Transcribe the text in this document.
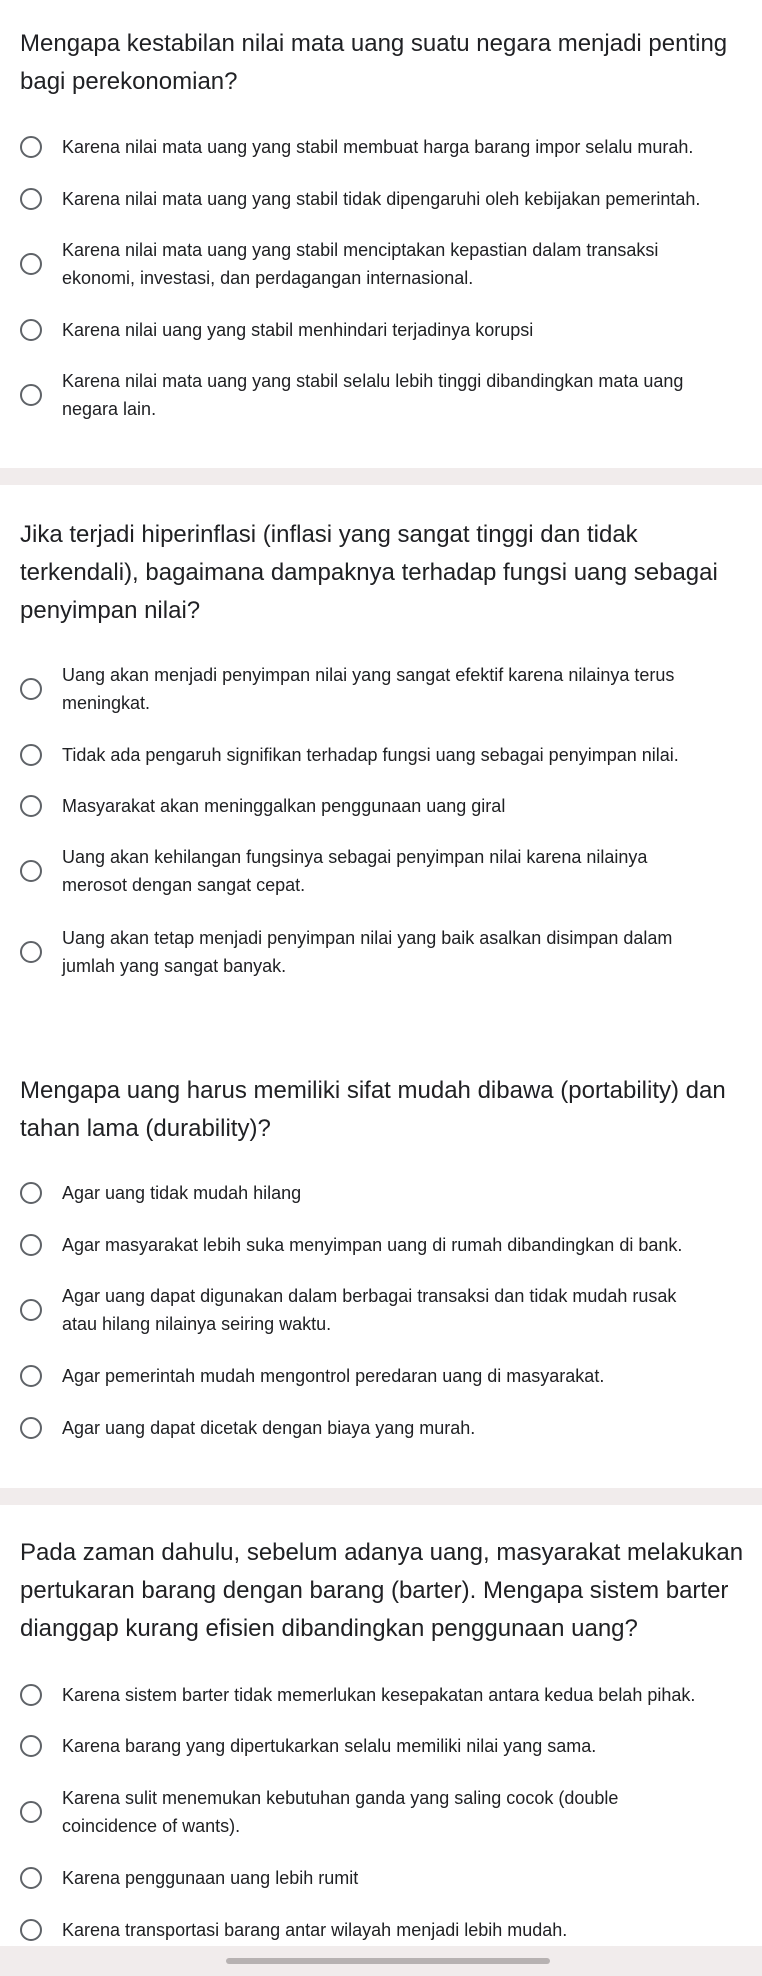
Mengapa kestabilan nilai mata uang suatu negara menjadi penting
bagi perekonomian?
Karena nilai mata uang yang stabil membuat harga barang impor selalu murah.
Karena nilai mata uang yang stabil tidak dipengaruhi oleh kebijakan pemerintah.
Karena nilai mata uang yang stabil menciptakan kepastian dalam transaksi
ekonomi, investasi, dan perdagangan internasional.
Karena nilai uang yang stabil menhindari terjadinya korupsi
Karena nilai mata uang yang stabil selalu lebih tinggi dibandingkan mata uang
negara lain.
Jika terjadi hiperinflasi (inflasi yang sangat tinggi dan tidak
terkendali), bagaimana dampaknya terhadap fungsi uang sebagai
penyimpan nilai?
Uang akan menjadi penyimpan nilai yang sangat efektif karena nilainya terus
meningkat.
Tidak ada pengaruh signifikan terhadap fungsi uang sebagai penyimpan nilai.
Masyarakat akan meninggalkan penggunaan uang giral
Uang akan kehilangan fungsinya sebagai penyimpan nilai karena nilainya
merosot dengan sangat cepat.
Uang akan tetap menjadi penyimpan nilai yang baik asalkan disimpan dalam
jumlah yang sangat banyak.
Mengapa uang harus memiliki sifat mudah dibawa (portability) dan
tahan lama (durability)?
Agar uang tidak mudah hilang
Agar masyarakat lebih suka menyimpan uang di rumah dibandingkan di bank.
Agar uang dapat digunakan dalam berbagai transaksi dan tidak mudah rusak
atau hilang nilainya seiring waktu.
Agar pemerintah mudah mengontrol peredaran uang di masyarakat.
Agar uang dapat dicetak dengan biaya yang murah.
Pada zaman dahulu, sebelum adanya uang, masyarakat melakukan
pertukaran barang dengan barang (barter). Mengapa sistem barter
dianggap kurang efisien dibandingkan penggunaan uang?
Karena sistem barter tidak memerlukan kesepakatan antara kedua belah pihak.
Karena barang yang dipertukarkan selalu memiliki nilai yang sama.
Karena sulit menemukan kebutuhan ganda yang saling cocok (double
coincidence of wants).
Karena penggunaan uang lebih rumit
Karena transportasi barang antar wilayah menjadi lebih mudah.
